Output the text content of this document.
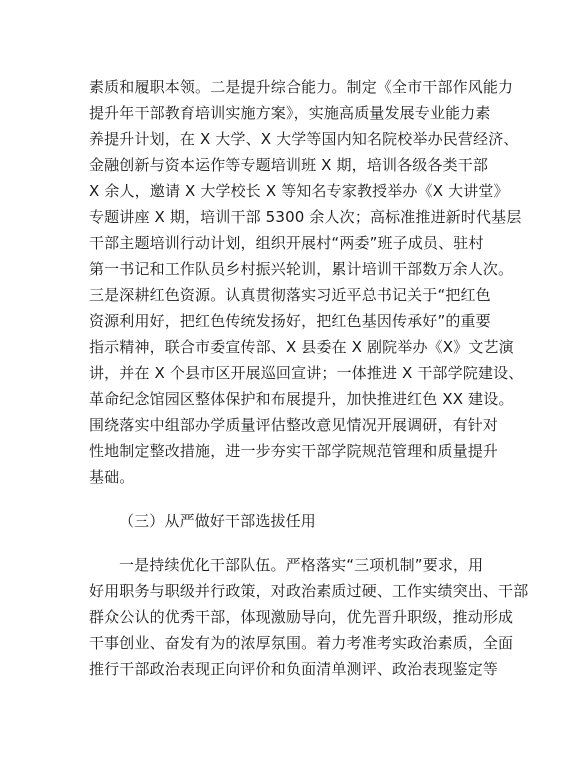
素质和履职本领。二是提升综合能力。制定《全市干部作风能力
提升年干部教育培训实施方案》，实施高质量发展专业能力素
养提升计划，在 X 大学、X 大学等国内知名院校举办民营经济、
金融创新与资本运作等专题培训班 X 期，培训各级各类干部
X 余人，邀请 X 大学校长 X 等知名专家教授举办《X 大讲堂》
专题讲座 X 期，培训干部 5300 余人次；高标准推进新时代基层
干部主题培训行动计划，组织开展村“两委”班子成员、驻村
第一书记和工作队员乡村振兴轮训，累计培训干部数万余人次。
三是深耕红色资源。认真贯彻落实习近平总书记关于“把红色
资源利用好，把红色传统发扬好，把红色基因传承好”的重要
指示精神，联合市委宣传部、X 县委在 X 剧院举办《X》文艺演
讲，并在 X 个县市区开展巡回宣讲；一体推进 X 干部学院建设、
革命纪念馆园区整体保护和布展提升，加快推进红色 XX 建设。
围绕落实中组部办学质量评估整改意见情况开展调研，有针对
性地制定整改措施，进一步夯实干部学院规范管理和质量提升
基础。
（三）从严做好干部选拔任用
一是持续优化干部队伍。严格落实“三项机制”要求，用
好用职务与职级并行政策，对政治素质过硬、工作实绩突出、干部
群众公认的优秀干部，体现激励导向，优先晋升职级，推动形成
干事创业、奋发有为的浓厚氛围。着力考准考实政治素质，全面
推行干部政治表现正向评价和负面清单测评、政治表现鉴定等
